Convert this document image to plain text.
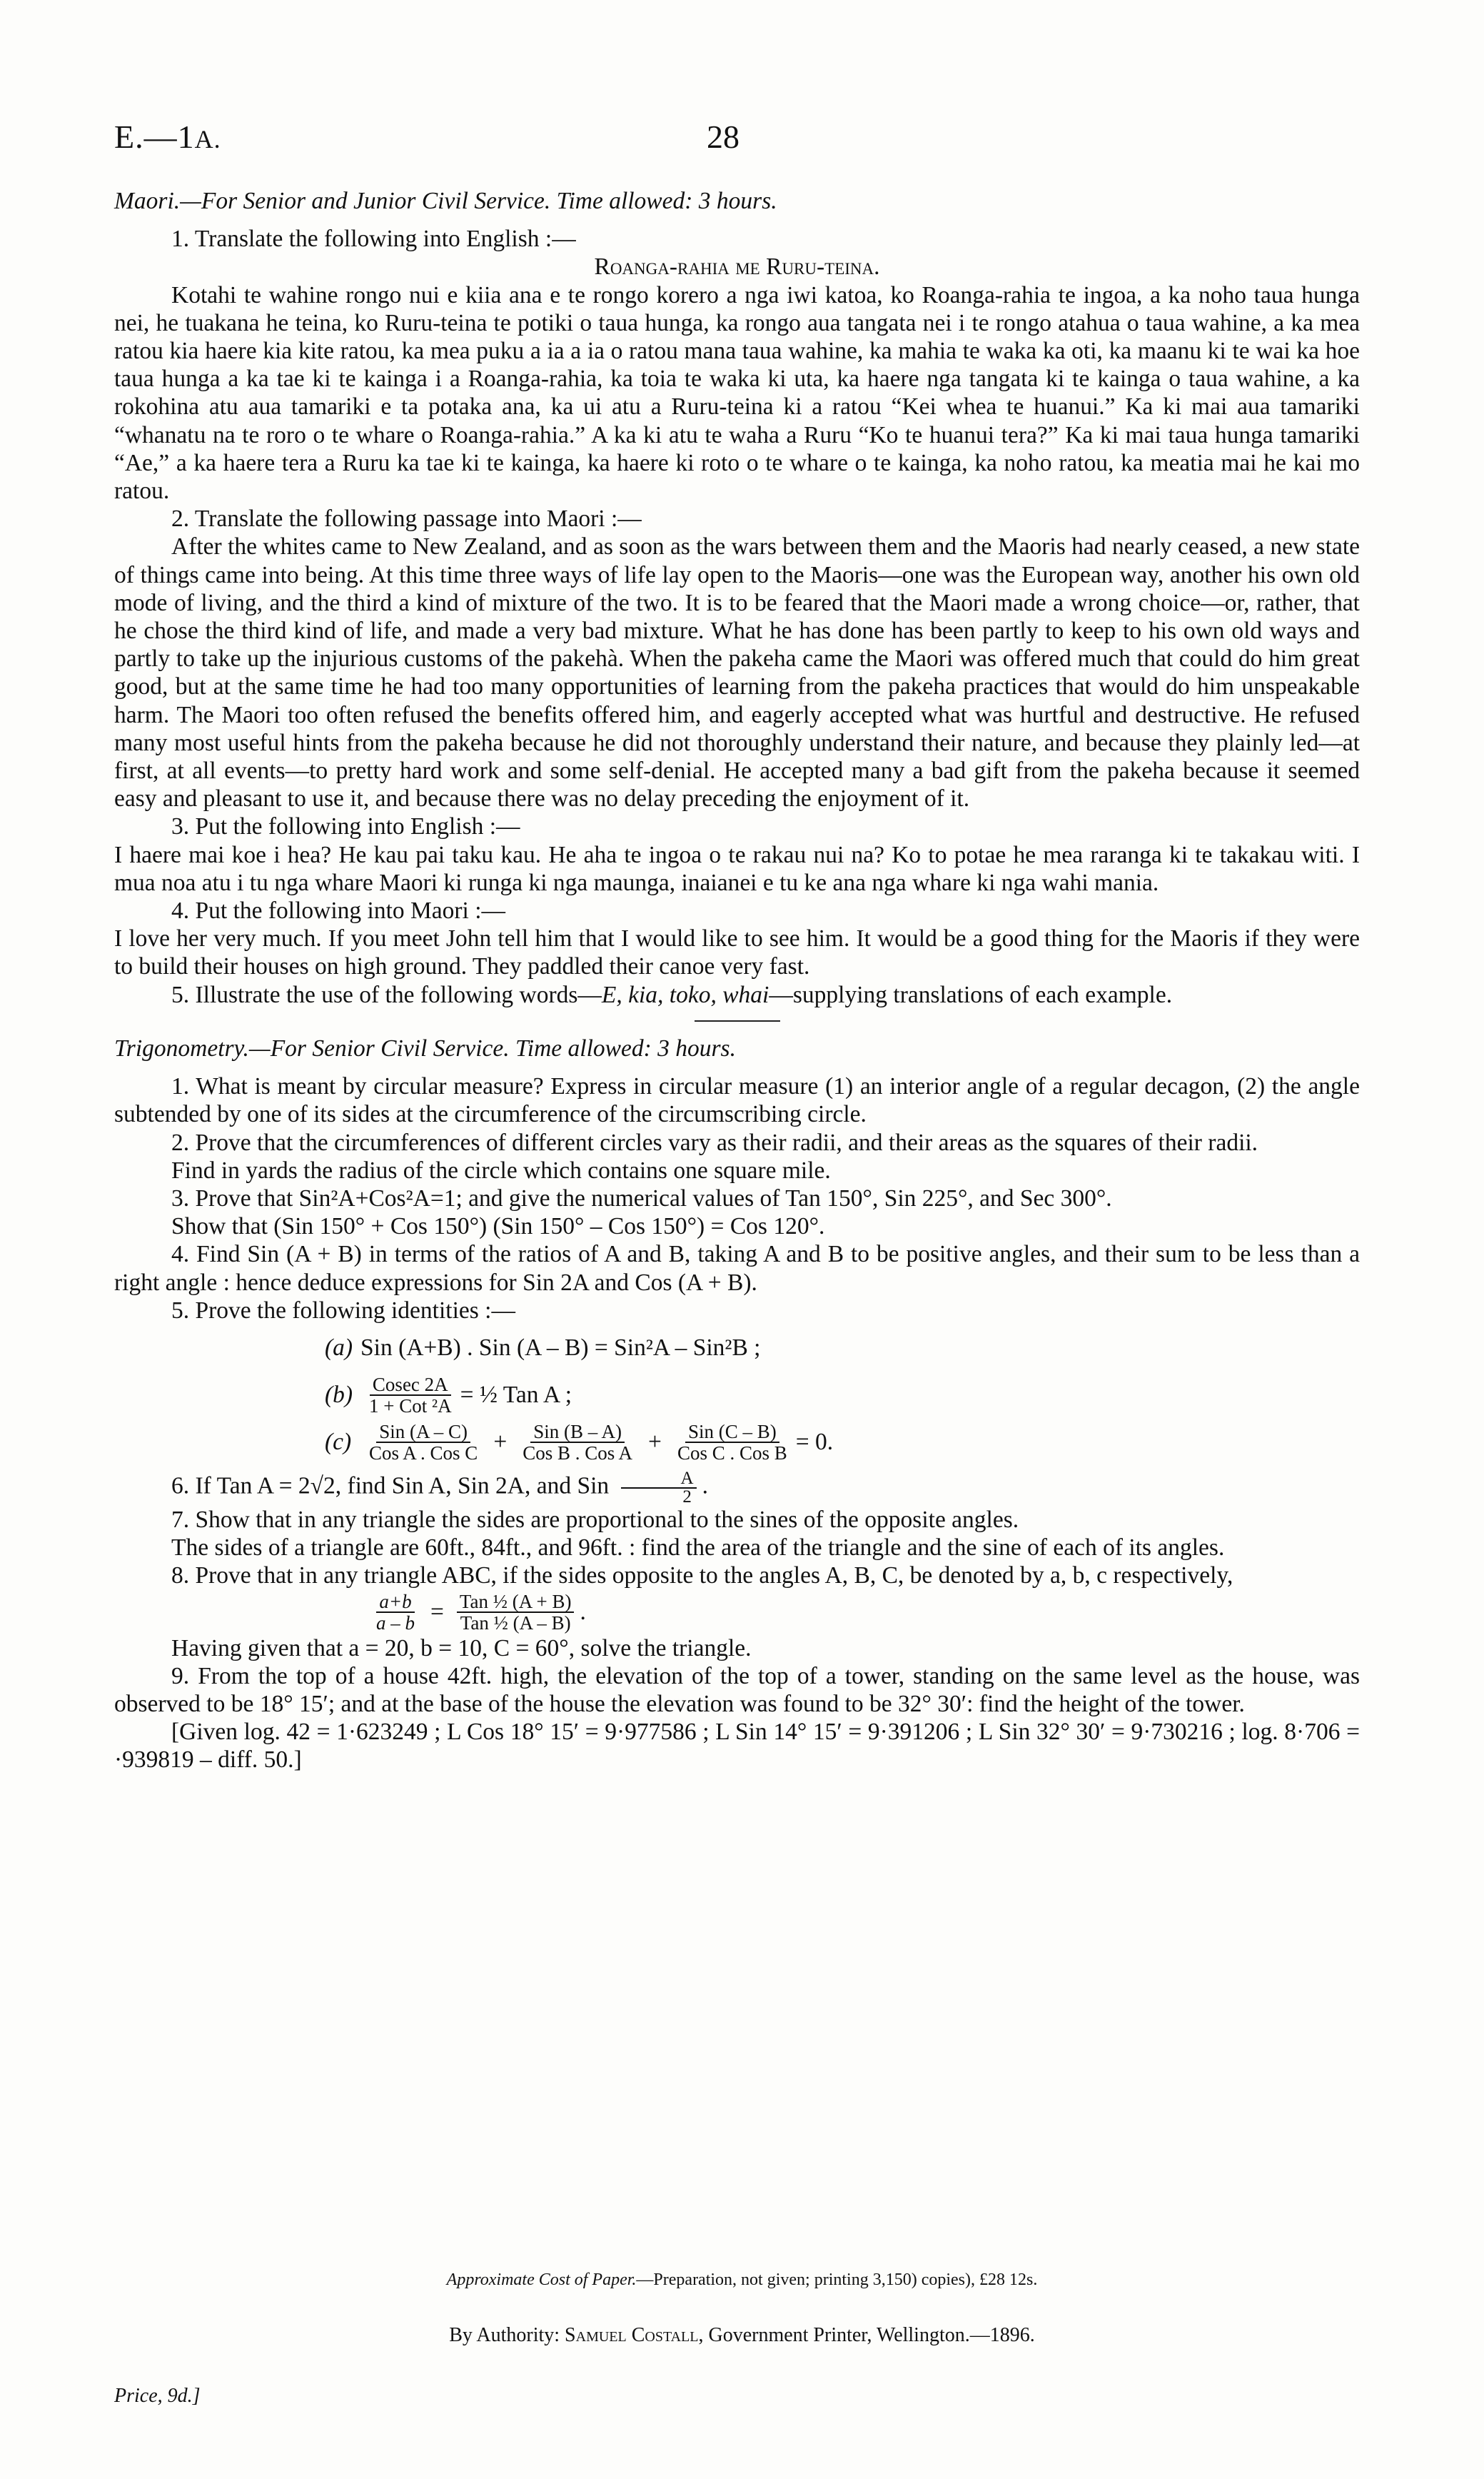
E.—1A.	28

Maori.—For Senior and Junior Civil Service. Time allowed: 3 hours.

1. Translate the following into English :—

Roanga-rahia me Ruru-teina.

Kotahi te wahine rongo nui e kiia ana e te rongo korero a nga iwi katoa, ko Roanga-rahia te ingoa, a ka noho taua hunga nei, he tuakana he teina, ko Ruru-teina te potiki o taua hunga, ka rongo aua tangata nei i te rongo atahua o taua wahine, a ka mea ratou kia haere kia kite ratou, ka mea puku a ia a ia o ratou mana taua wahine, ka mahia te waka ka oti, ka maanu ki te wai ka hoe taua hunga a ka tae ki te kainga i a Roanga-rahia, ka toia te waka ki uta, ka haere nga tangata ki te kainga o taua wahine, a ka rokohina atu aua tamariki e ta potaka ana, ka ui atu a Ruru-teina ki a ratou “Kei whea te huanui.” Ka ki mai aua tamariki “whanatu na te roro o te whare o Roanga-rahia.” A ka ki atu te waha a Ruru “Ko te huanui tera?” Ka ki mai taua hunga tamariki “Ae,” a ka haere tera a Ruru ka tae ki te kainga, ka haere ki roto o te whare o te kainga, ka noho ratou, ka meatia mai he kai mo ratou.

2. Translate the following passage into Maori :—

After the whites came to New Zealand, and as soon as the wars between them and the Maoris had nearly ceased, a new state of things came into being. At this time three ways of life lay open to the Maoris—one was the European way, another his own old mode of living, and the third a kind of mixture of the two. It is to be feared that the Maori made a wrong choice—or, rather, that he chose the third kind of life, and made a very bad mixture. What he has done has been partly to keep to his own old ways and partly to take up the injurious customs of the pakehà. When the pakeha came the Maori was offered much that could do him great good, but at the same time he had too many opportunities of learning from the pakeha practices that would do him unspeakable harm. The Maori too often refused the benefits offered him, and eagerly accepted what was hurtful and destructive. He refused many most useful hints from the pakeha because he did not thoroughly understand their nature, and because they plainly led—at first, at all events—to pretty hard work and some self-denial. He accepted many a bad gift from the pakeha because it seemed easy and pleasant to use it, and because there was no delay preceding the enjoyment of it.

3. Put the following into English :—

I haere mai koe i hea? He kau pai taku kau. He aha te ingoa o te rakau nui na? Ko to potae he mea raranga ki te takakau witi. I mua noa atu i tu nga whare Maori ki runga ki nga maunga, inaianei e tu ke ana nga whare ki nga wahi mania.

4. Put the following into Maori :—

I love her very much. If you meet John tell him that I would like to see him. It would be a good thing for the Maoris if they were to build their houses on high ground. They paddled their canoe very fast.

5. Illustrate the use of the following words—E, kia, toko, whai—supplying translations of each example.

Trigonometry.—For Senior Civil Service. Time allowed: 3 hours.

1. What is meant by circular measure? Express in circular measure (1) an interior angle of a regular decagon, (2) the angle subtended by one of its sides at the circumference of the circumscribing circle.

2. Prove that the circumferences of different circles vary as their radii, and their areas as the squares of their radii.

Find in yards the radius of the circle which contains one square mile.

3. Prove that Sin²A+Cos²A=1; and give the numerical values of Tan 150°, Sin 225°, and Sec 300°.

Show that (Sin 150° + Cos 150°) (Sin 150° – Cos 150°) = Cos 120°.

4. Find Sin (A + B) in terms of the ratios of A and B, taking A and B to be positive angles, and their sum to be less than a right angle : hence deduce expressions for Sin 2A and Cos (A + B).

5. Prove the following identities :—

(a) Sin (A+B) . Sin (A – B) = Sin²A – Sin²B ;
$(b) \frac{Cosec 2A}{\text{1 + Cot ²A}}$ = ½ Tan A ;
$(c) \frac{\text{Sin (A – C)}}{\text{Cos A . Cos C}} + \frac{\text{Sin (B – A)}}{\text{Cos B . Cos A}} + \frac{\text{Sin (C – B)}}{\text{Cos C . Cos B}} = 0$.

6. If Tan A = 2√2, find Sin A, Sin 2A, and Sin $\frac{A}{2}$ .

7. Show that in any triangle the sides are proportional to the sines of the opposite angles.

The sides of a triangle are 60ft., 84ft., and 96ft. : find the area of the triangle and the sine of each of its angles.

8. Prove that in any triangle ABC, if the sides opposite to the angles A, B, C, be denoted by a, b, c respectively,

$\frac{a+b}{a - b} = \frac{\text{Tan ½ (A + B)}}{\text{Tan ½ (A – B)}}$ .

Having given that a = 20, b = 10, C = 60°, solve the triangle.

9. From the top of a house 42ft. high, the elevation of the top of a tower, standing on the same level as the house, was observed to be 18° 15′; and at the base of the house the elevation was found to be 32° 30′: find the height of the tower.

[Given log. 42 = 1·623249 ; L Cos 18° 15′ = 9·977586 ; L Sin 14° 15′ = 9·391206 ; L Sin 32° 30′ = 9·730216 ; log. 8·706 = ·939819 – diff. 50.]

Approximate Cost of Paper.—Preparation, not given; printing 3,150) copies), £28 12s.
By Authority: Samuel Costall, Government Printer, Wellington.—1896.
Price, 9d.]
